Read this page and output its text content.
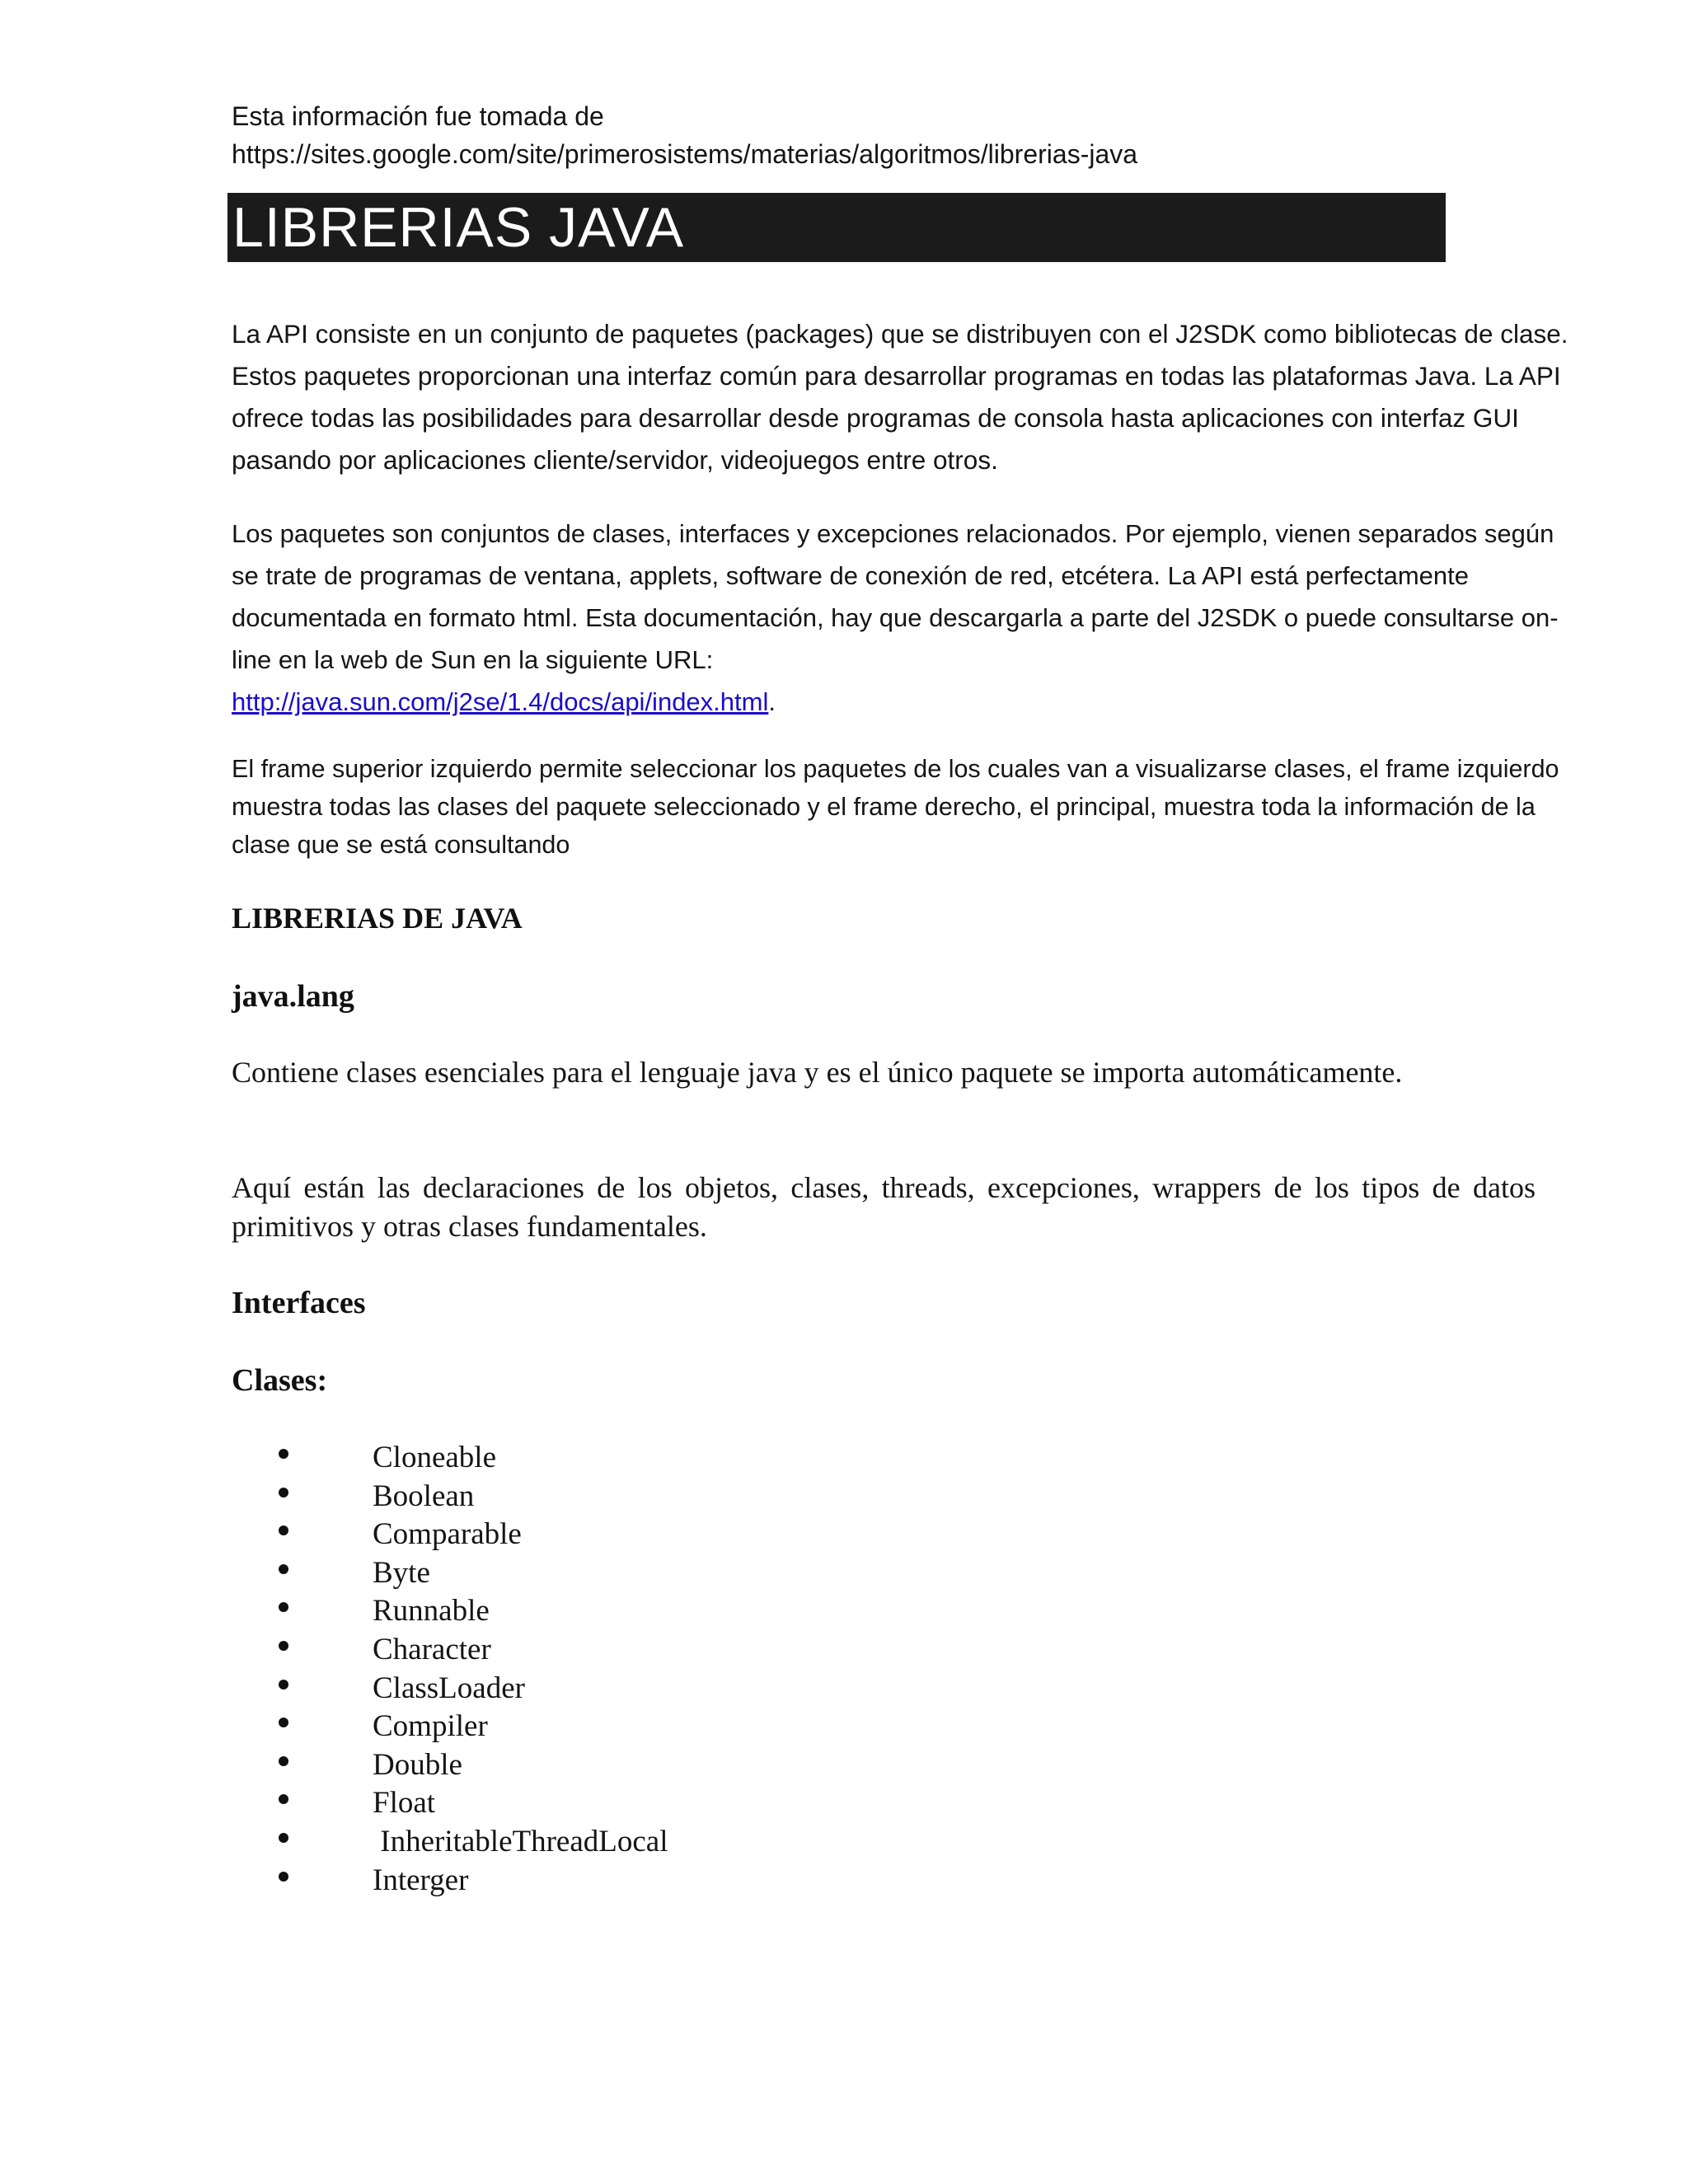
Esta información fue tomada de
https://sites.google.com/site/primerosistems/materias/algoritmos/librerias-java
LIBRERIAS JAVA

La API consiste en un conjunto de paquetes (packages) que se distribuyen con el J2SDK como bibliotecas de clase. Estos paquetes proporcionan una interfaz común para desarrollar programas en todas las plataformas Java. La API ofrece todas las posibilidades para desarrollar desde programas de consola hasta aplicaciones con interfaz GUI pasando por aplicaciones cliente/servidor, videojuegos entre otros.

Los paquetes son conjuntos de clases, interfaces y excepciones relacionados. Por ejemplo, vienen separados según se trate de programas de ventana, applets, software de conexión de red, etcétera. La API está perfectamente documentada en formato html. Esta documentación, hay que descargarla a parte del J2SDK o puede consultarse on-line en la web de Sun en la siguiente URL:
http://java.sun.com/j2se/1.4/docs/api/index.html.

El frame superior izquierdo permite seleccionar los paquetes de los cuales van a visualizarse clases, el frame izquierdo muestra todas las clases del paquete seleccionado y el frame derecho, el principal, muestra toda la información de la clase que se está consultando

LIBRERIAS DE JAVA
java.lang

Contiene clases esenciales para el lenguaje java y es el único paquete se importa automáticamente.

Aquí están las declaraciones de los objetos, clases, threads, excepciones, wrappers de los tipos de datos primitivos y otras clases fundamentales.

Interfaces
Clases:
Cloneable
Boolean
Comparable
Byte
Runnable
Character
ClassLoader
Compiler
Double
Float
InheritableThreadLocal
Interger
